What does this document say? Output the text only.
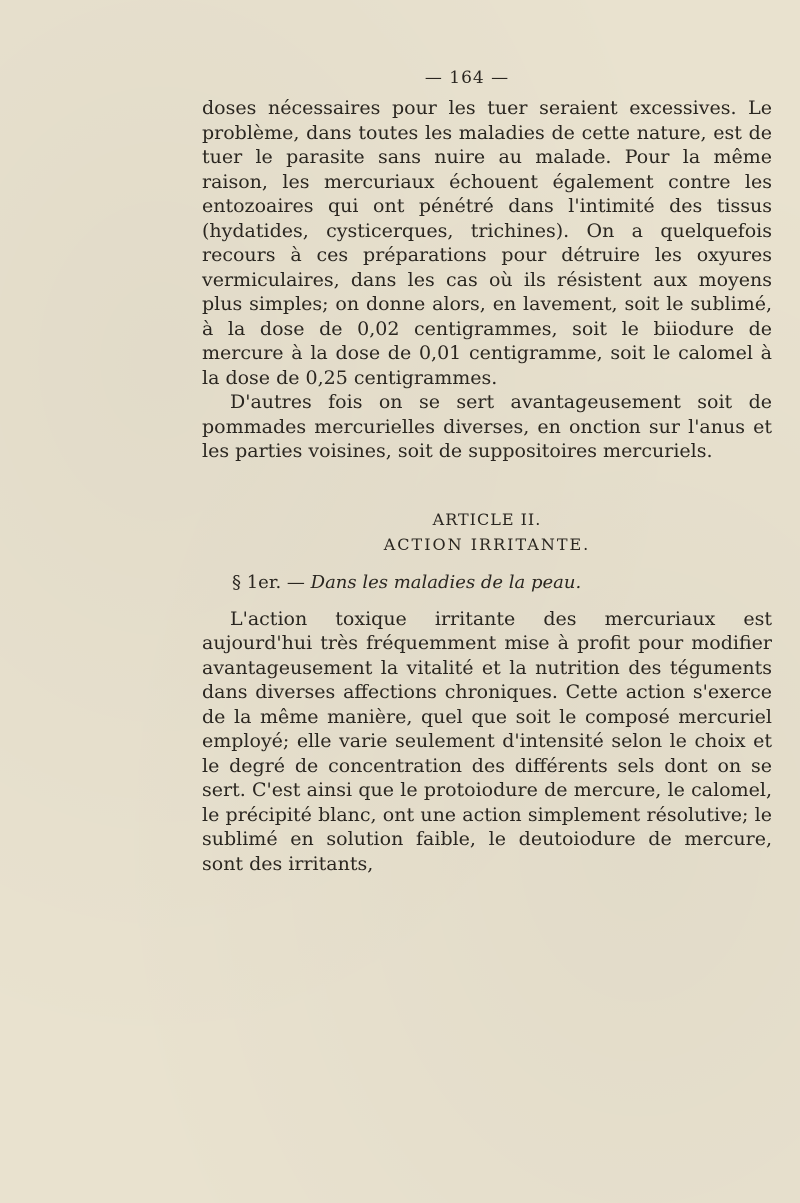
— 164 —

doses nécessaires pour les tuer seraient excessives. Le problème, dans toutes les maladies de cette nature, est de tuer le parasite sans nuire au malade. Pour la même raison, les mercuriaux échouent également contre les entozoaires qui ont pénétré dans l'intimité des tissus (hydatides, cysticerques, trichines). On a quelquefois recours à ces préparations pour détruire les oxyures vermiculaires, dans les cas où ils résistent aux moyens plus simples; on donne alors, en lavement, soit le sublimé, à la dose de 0,02 centigrammes, soit le biiodure de mercure à la dose de 0,01 centigramme, soit le calomel à la dose de 0,25 centigrammes.

D'autres fois on se sert avantageusement soit de pommades mercurielles diverses, en onction sur l'anus et les parties voisines, soit de suppositoires mercuriels.

ARTICLE II.
ACTION IRRITANTE.
§ 1er. — Dans les maladies de la peau.

L'action toxique irritante des mercuriaux est aujourd'hui très fréquemment mise à profit pour modifier avantageusement la vitalité et la nutrition des téguments dans diverses affections chroniques. Cette action s'exerce de la même manière, quel que soit le composé mercuriel employé; elle varie seulement d'intensité selon le choix et le degré de concentration des différents sels dont on se sert. C'est ainsi que le protoiodure de mercure, le calomel, le précipité blanc, ont une action simplement résolutive; le sublimé en solution faible, le deutoiodure de mercure, sont des irritants,
